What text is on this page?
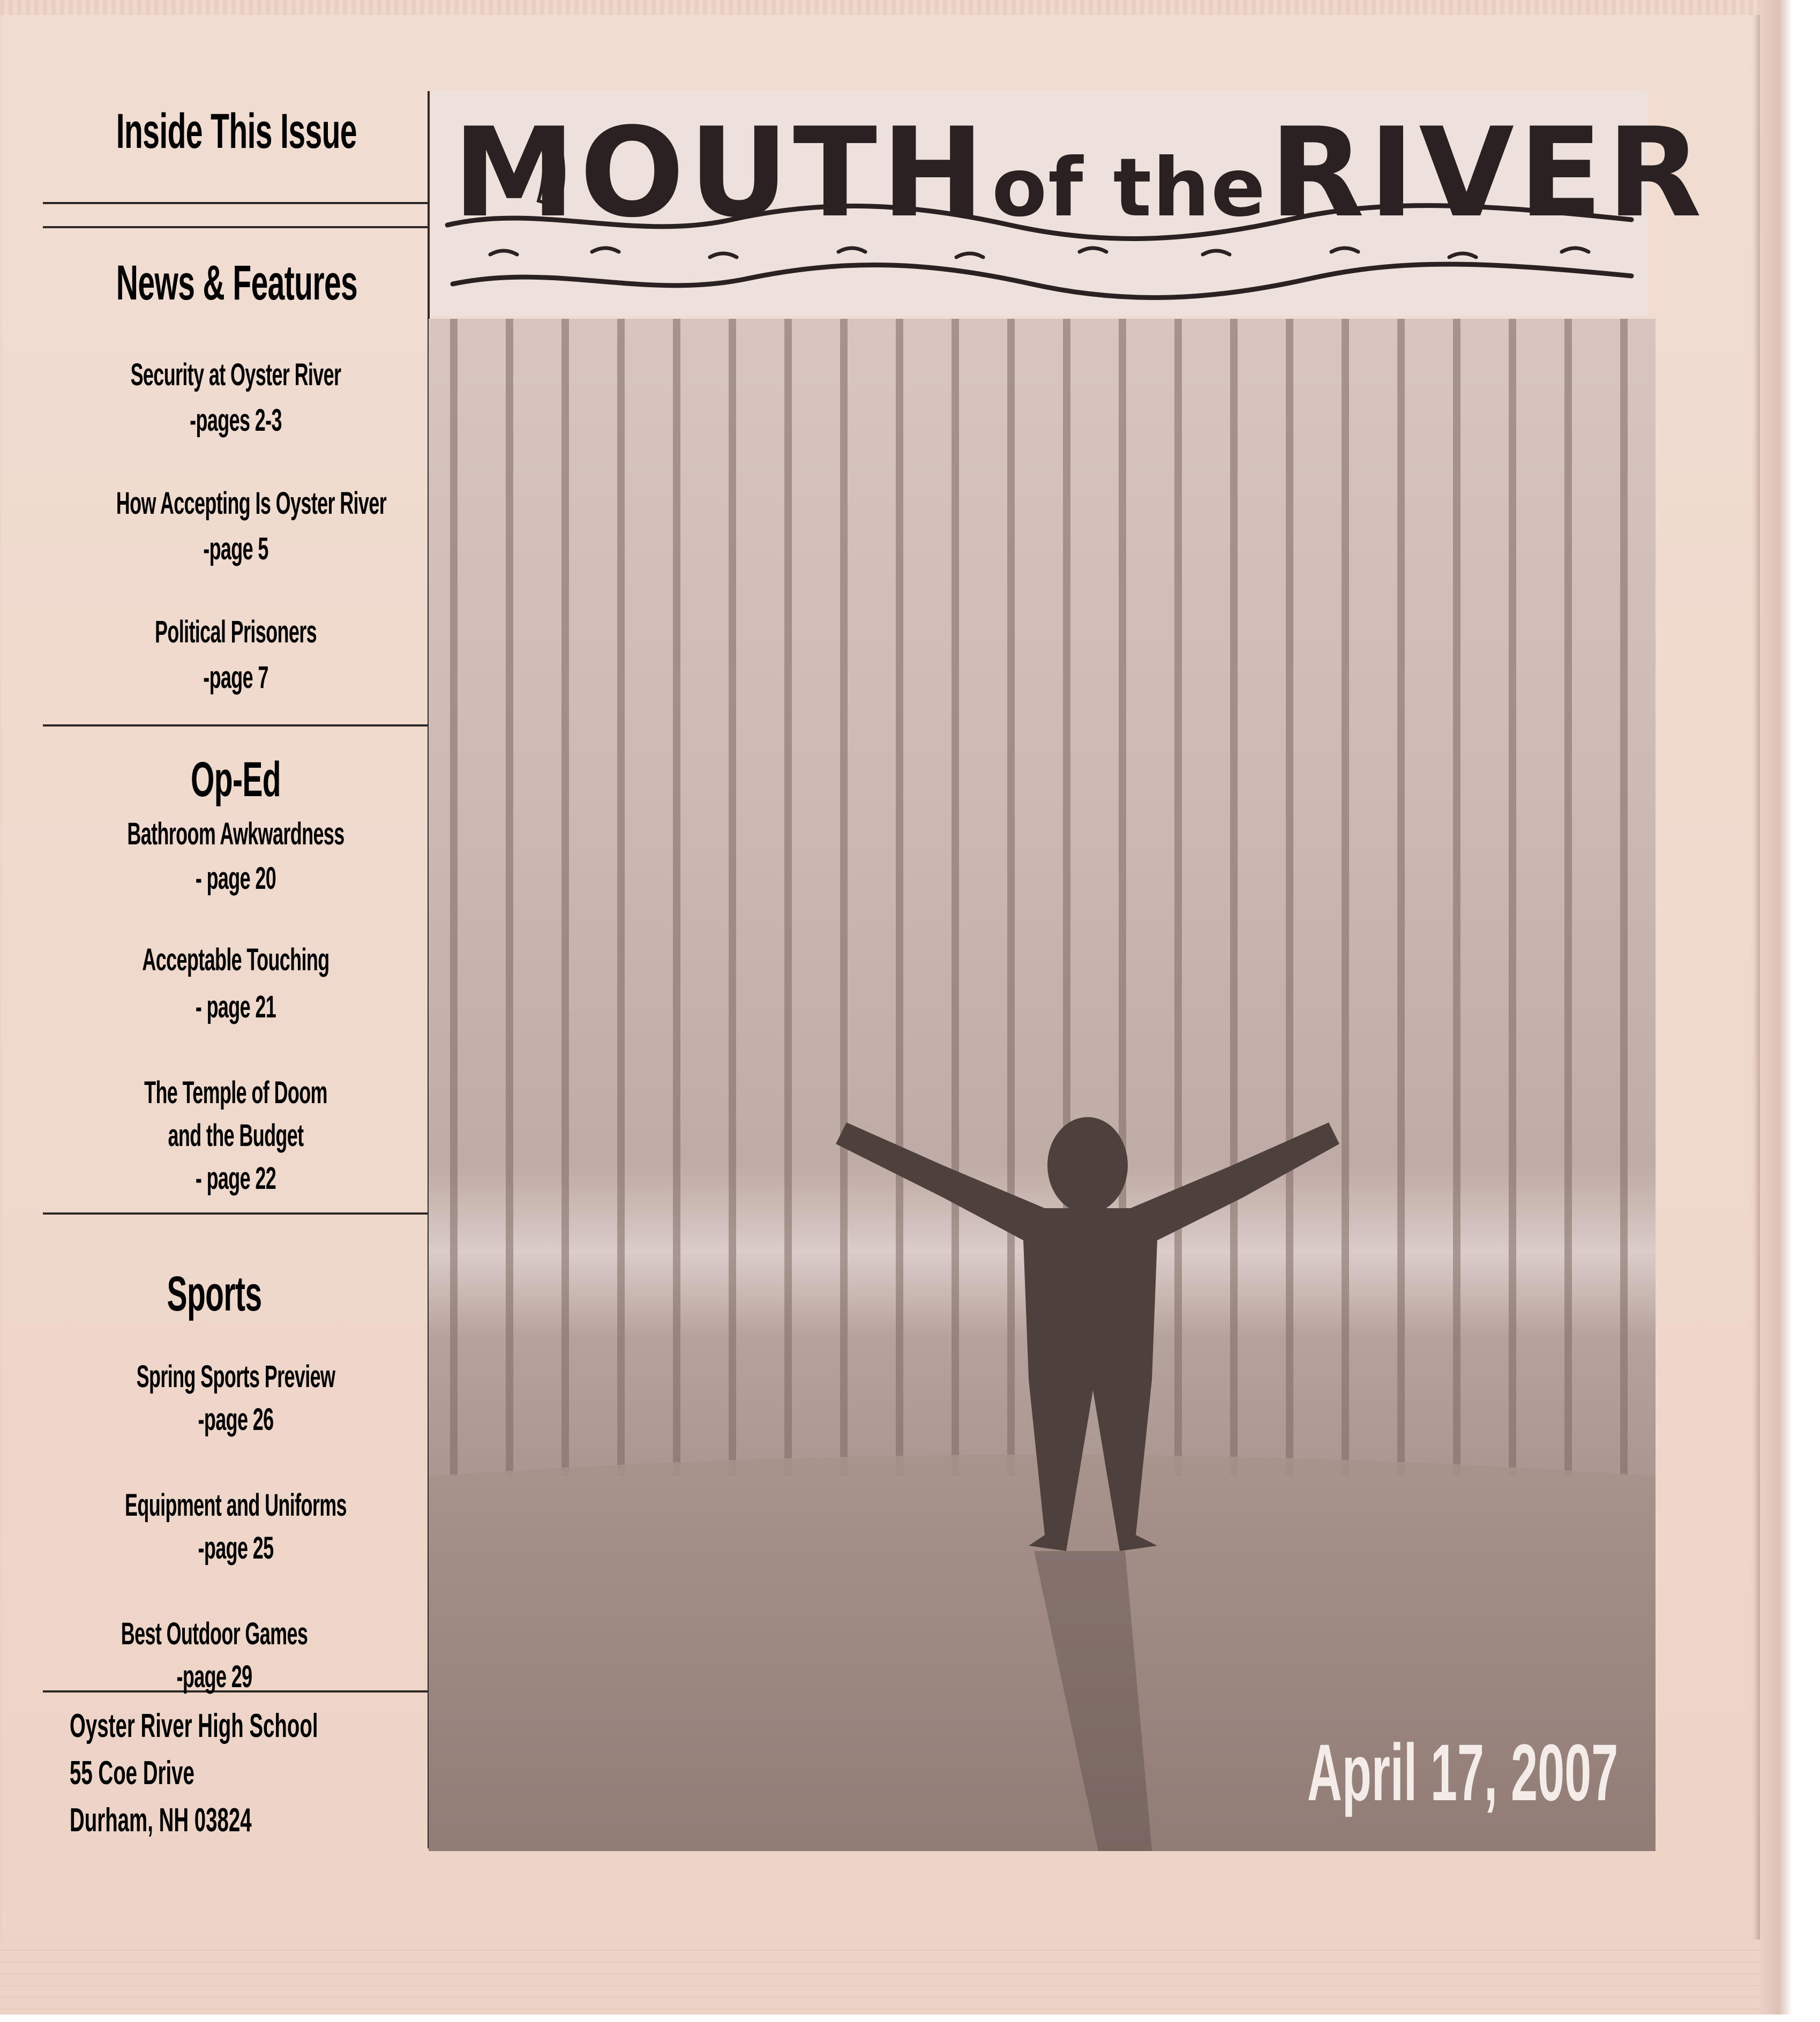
Inside This Issue
News & Features
Security at Oyster River
-pages 2-3
How Accepting Is Oyster River
-page 5
Political Prisoners
-page 7
Op-Ed
Bathroom Awkwardness
- page 20
Acceptable Touching
- page 21
The Temple of Doom
and the Budget
- page 22
Sports
Spring Sports Preview
-page 26
Equipment and Uniforms
-page 25
Best Outdoor Games
-page 29
Oyster River High School
55 Coe Drive
Durham, NH 03824
MOUTH of the RIVER
April 17, 2007
